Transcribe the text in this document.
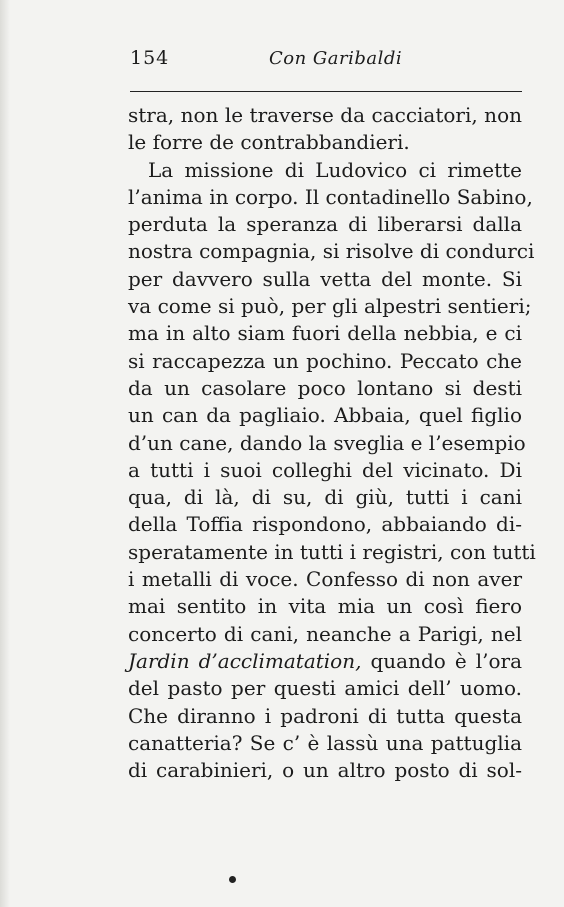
154	Con Garibaldi
stra, non le traverse da cacciatori, non
le forre de contrabbandieri.
La missione di Ludovico ci rimette
l’anima in corpo. Il contadinello Sabino,
perduta la speranza di liberarsi dalla
nostra compagnia, si risolve di condurci
per davvero sulla vetta del monte. Si
va come si può, per gli alpestri sentieri;
ma in alto siam fuori della nebbia, e ci
si raccapezza un pochino. Peccato che
da un casolare poco lontano si desti
un can da pagliaio. Abbaia, quel figlio
d’un cane, dando la sveglia e l’esempio
a tutti i suoi colleghi del vicinato. Di
qua, di là, di su, di giù, tutti i cani
della Toffia rispondono, abbaiando di-
speratamente in tutti i registri, con tutti
i metalli di voce. Confesso di non aver
mai sentito in vita mia un così fiero
concerto di cani, neanche a Parigi, nel
Jardin d’acclimatation, quando è l’ora
del pasto per questi amici dell’ uomo.
Che diranno i padroni di tutta questa
canatteria? Se c’ è lassù una pattuglia
di carabinieri, o un altro posto di sol-
